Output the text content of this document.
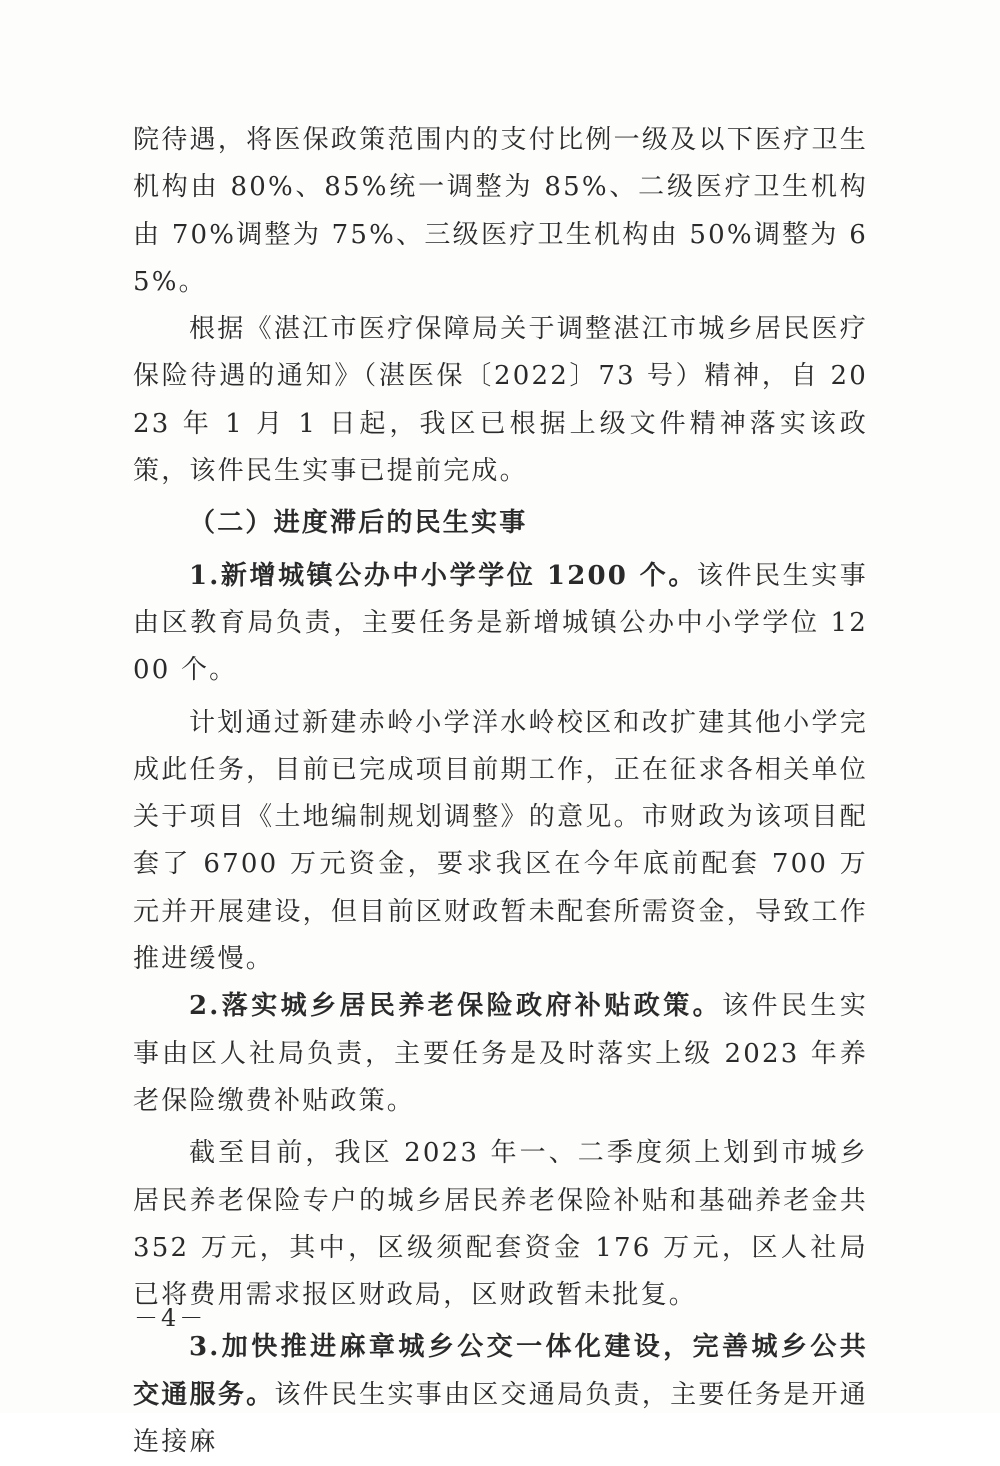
院待遇，将医保政策范围内的支付比例一级及以下医疗卫生机构由 80%、85%统一调整为 85%、二级医疗卫生机构由 70%调整为 75%、三级医疗卫生机构由 50%调整为 65%。

根据《湛江市医疗保障局关于调整湛江市城乡居民医疗保险待遇的通知》（湛医保〔2022〕73 号）精神，自 2023 年 1 月 1 日起，我区已根据上级文件精神落实该政策，该件民生实事已提前完成。

（二）进度滞后的民生实事

1.新增城镇公办中小学学位 1200 个。该件民生实事由区教育局负责，主要任务是新增城镇公办中小学学位 1200 个。

计划通过新建赤岭小学洋水岭校区和改扩建其他小学完成此任务，目前已完成项目前期工作，正在征求各相关单位关于项目《土地编制规划调整》的意见。市财政为该项目配套了 6700 万元资金，要求我区在今年底前配套 700 万元并开展建设，但目前区财政暂未配套所需资金，导致工作推进缓慢。

2.落实城乡居民养老保险政府补贴政策。该件民生实事由区人社局负责，主要任务是及时落实上级 2023 年养老保险缴费补贴政策。

截至目前，我区 2023 年一、二季度须上划到市城乡居民养老保险专户的城乡居民养老保险补贴和基础养老金共 352 万元，其中，区级须配套资金 176 万元，区人社局已将费用需求报区财政局，区财政暂未批复。

3.加快推进麻章城乡公交一体化建设，完善城乡公共交通服务。该件民生实事由区交通局负责，主要任务是开通连接麻

－4－
